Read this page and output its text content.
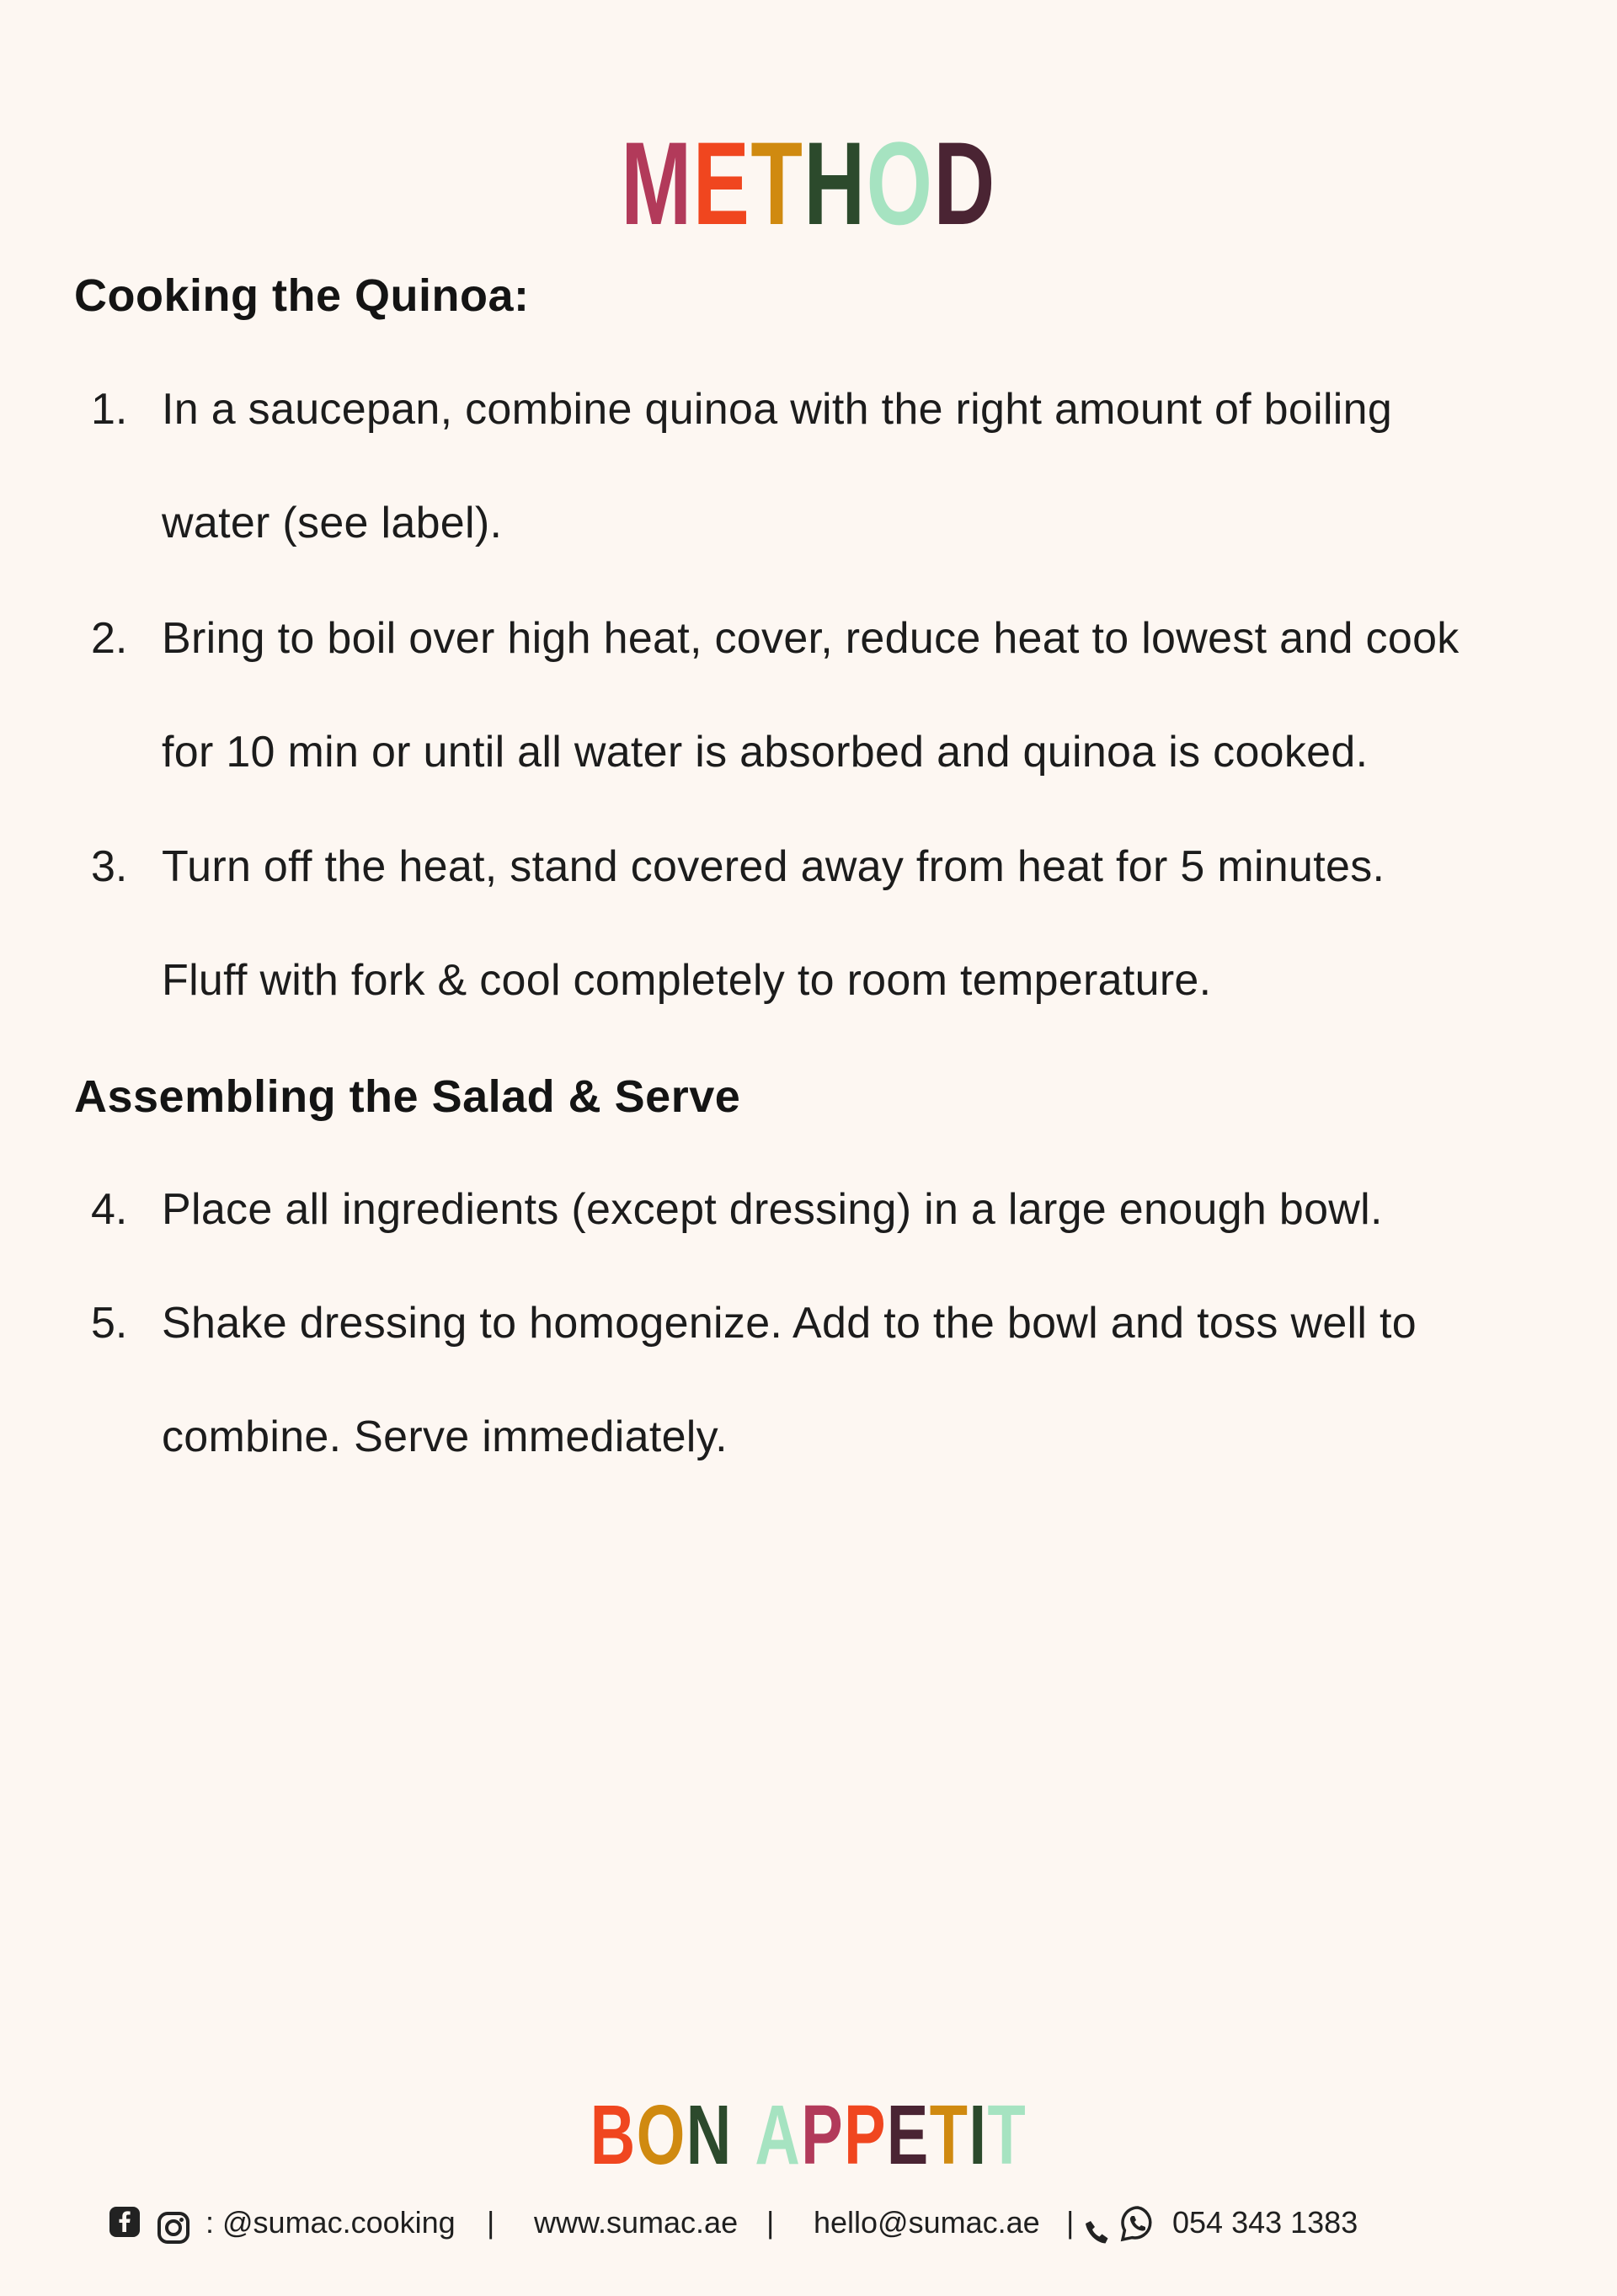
METHOD
Cooking the Quinoa:
1. In a saucepan, combine quinoa with the right amount of boiling
water (see label).
2. Bring to boil over high heat, cover, reduce heat to lowest and cook
for 10 min or until all water is absorbed and quinoa is cooked.
3. Turn off the heat, stand covered away from heat for 5 minutes.
Fluff with fork & cool completely to room temperature.
Assembling the Salad & Serve
4. Place all ingredients (except dressing) in a large enough bowl.
5. Shake dressing to homogenize. Add to the bowl and toss well to
combine. Serve immediately.
BON APPETIT
: @sumac.cooking | www.sumac.ae | hello@sumac.ae |	054 343 1383
